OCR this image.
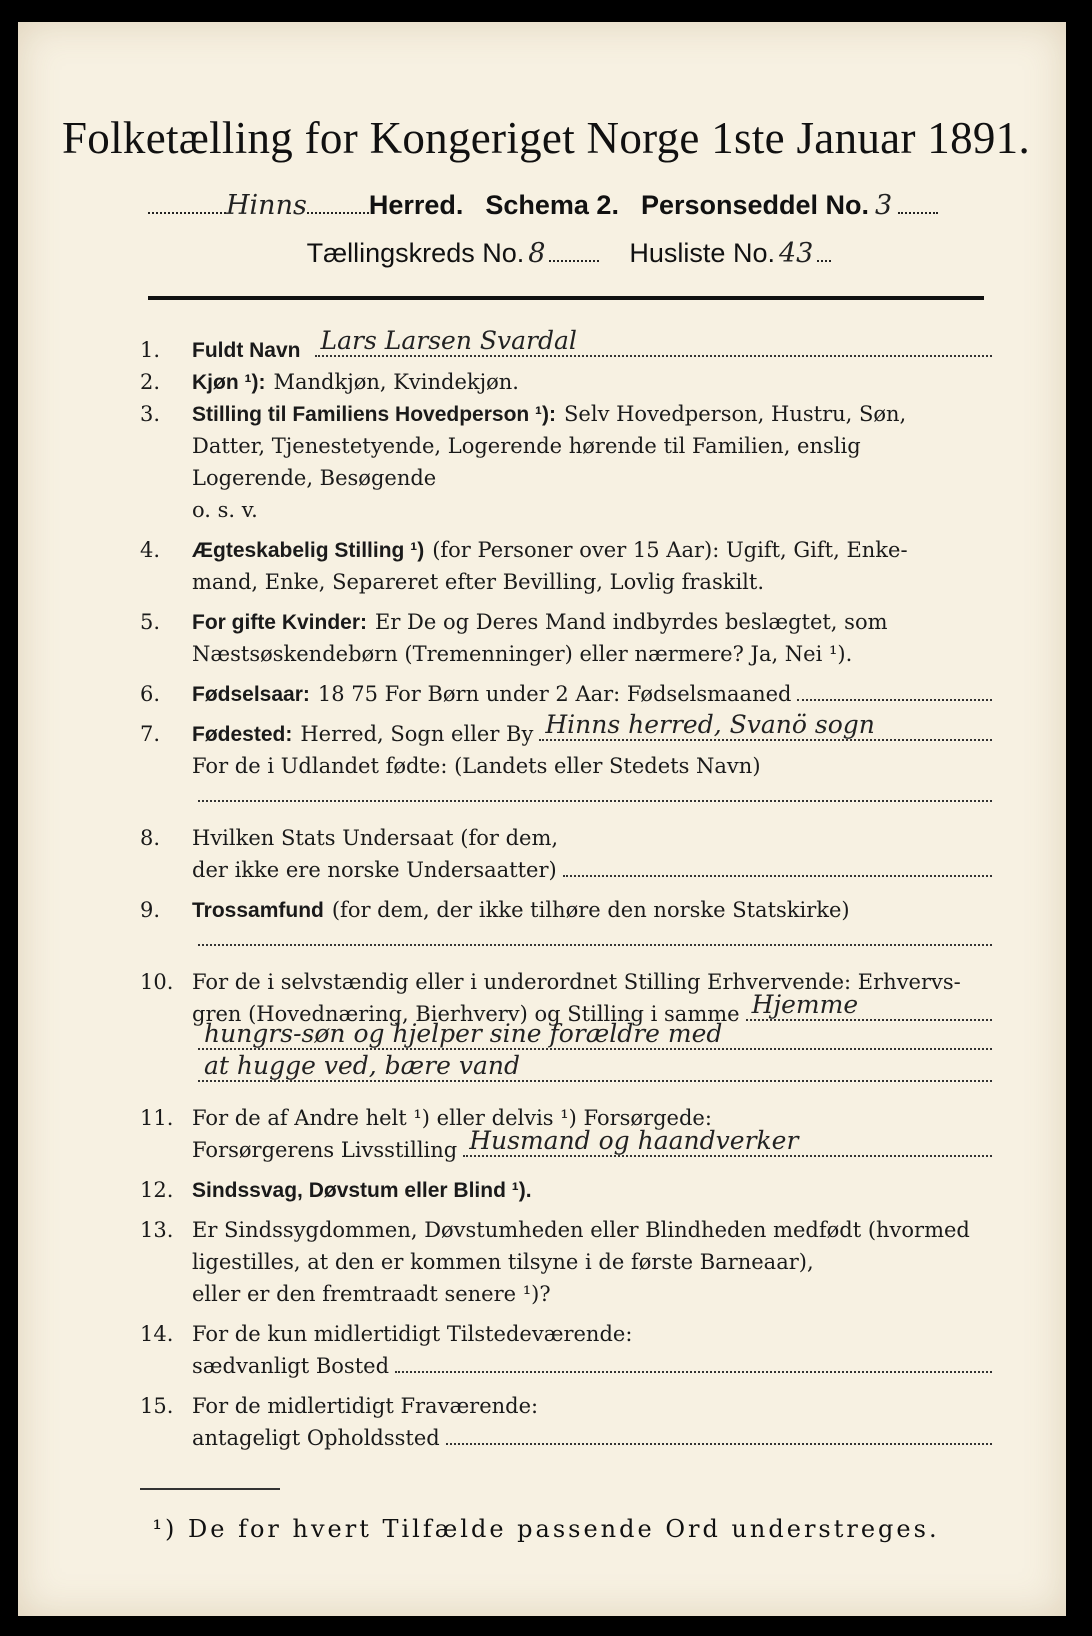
Folketælling for Kongeriget Norge 1ste Januar 1891.
Hinns Herred. Schema 2. Personseddel No. 3
Tællingskreds No. 8	Husliste No. 43
1.	Fuldt Navn Lars Larsen Svardal
2.	Kjøn ¹): Mandkjøn, Kvindekjøn.
3.	Stilling til Familiens Hovedperson ¹): Selv Hovedperson, Hustru, Søn,
Datter, Tjenestetyende, Logerende hørende til Familien, enslig
Logerende, Besøgende
o. s. v.
4.	Ægteskabelig Stilling ¹) (for Personer over 15 Aar): Ugift, Gift, Enke-
mand, Enke, Separeret efter Bevilling, Lovlig fraskilt.
5.	For gifte Kvinder: Er De og Deres Mand indbyrdes beslægtet, som
Næstsøskendebørn (Tremenninger) eller nærmere? Ja, Nei ¹).
6.	Fødselsaar: 18 75 For Børn under 2 Aar: Fødselsmaaned
7.	Fødested: Herred, Sogn eller By Hinns herred, Svanö sogn
For de i Udlandet fødte: (Landets eller Stedets Navn)
8.	Hvilken Stats Undersaat (for dem,
der ikke ere norske Undersaatter)
9.	Trossamfund (for dem, der ikke tilhøre den norske Statskirke)
10. For de i selvstændig eller i underordnet Stilling Erhvervende: Erhvervs-
gren (Hovednæring, Bierhverv) og Stilling i samme Hjemme
hungrs-søn og hjelper sine forældre med
at hugge ved, bære vand
11. For de af Andre helt ¹) eller delvis ¹) Forsørgede:
Forsørgerens Livsstilling Husmand og haandverker
12. Sindssvag, Døvstum eller Blind ¹).
13. Er Sindssygdommen, Døvstumheden eller Blindheden medfødt (hvormed
ligestilles, at den er kommen tilsyne i de første Barneaar),
eller er den fremtraadt senere ¹)?
14. For de kun midlertidigt Tilstedeværende:
sædvanligt Bosted
15. For de midlertidigt Fraværende:
antageligt Opholdssted
¹) De for hvert Tilfælde passende Ord understreges.
